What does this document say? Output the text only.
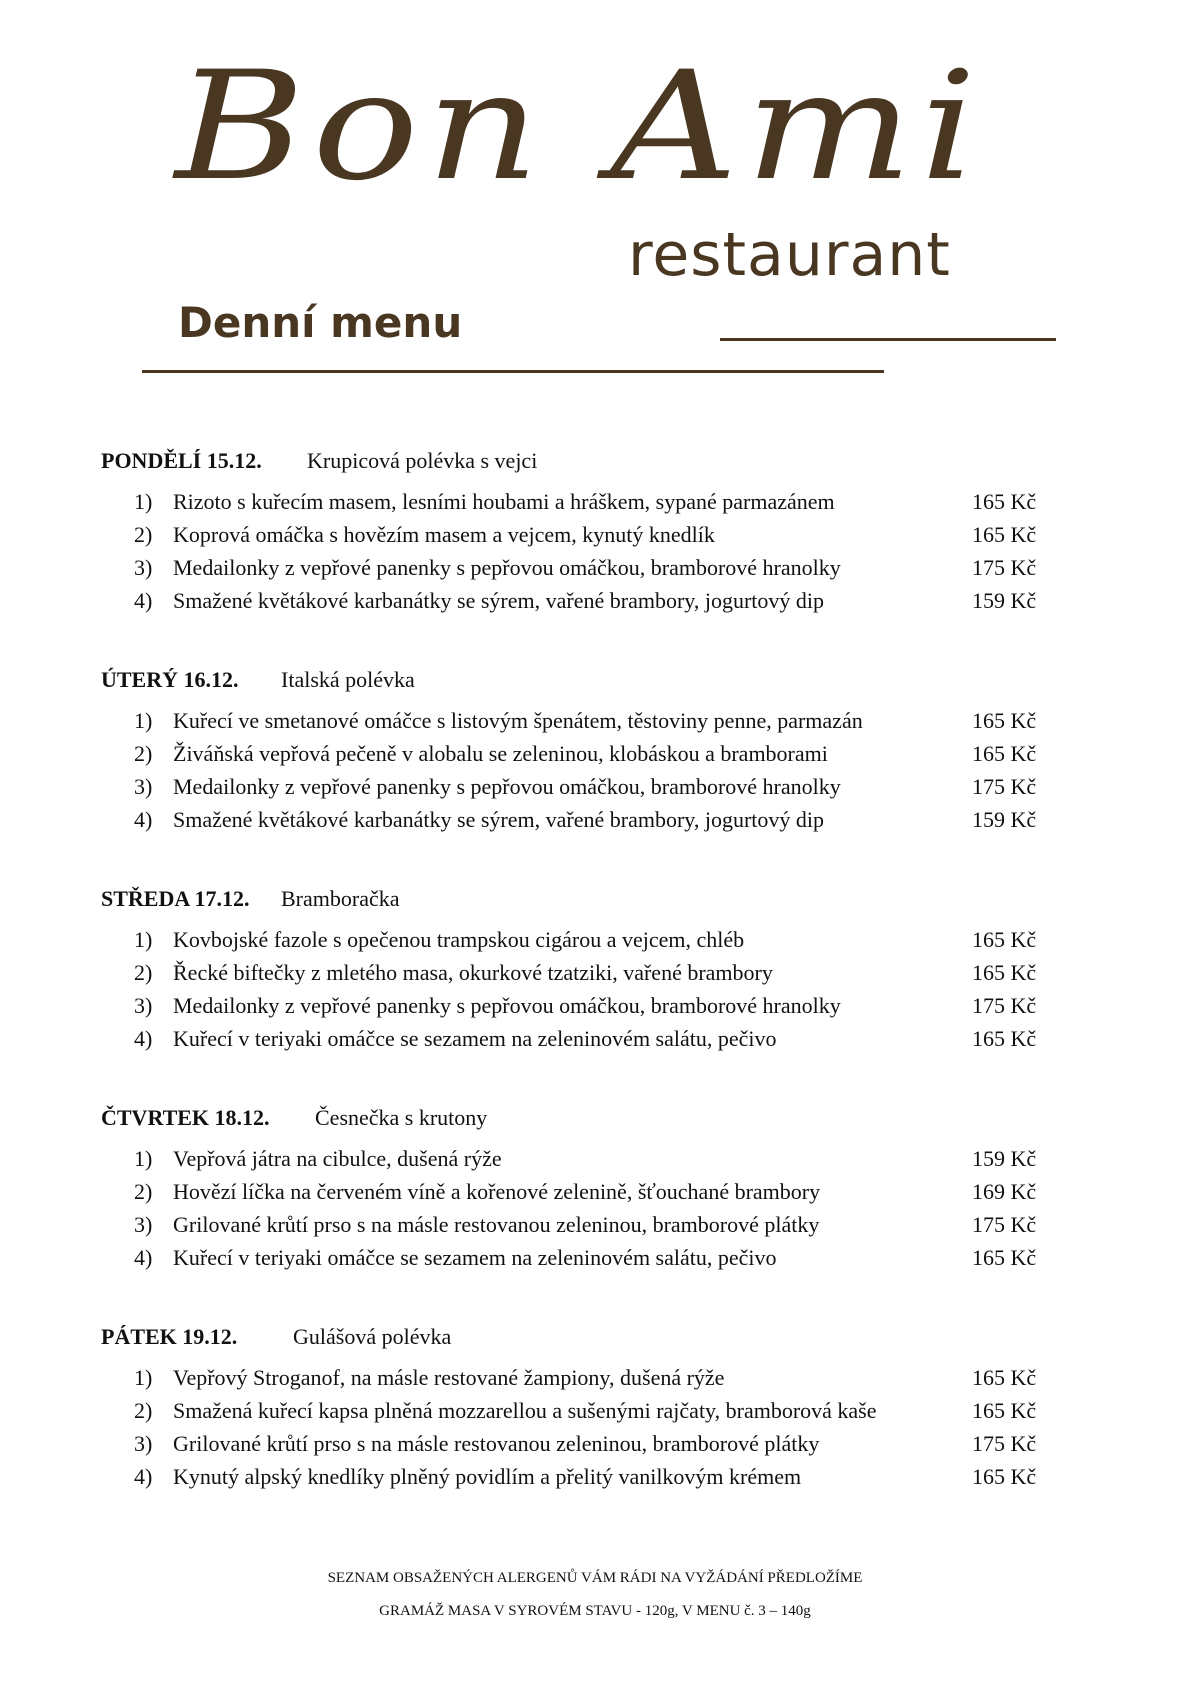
Bon Ami
restaurant
Denní menu
PONDĚLÍ 15.12. Krupicová polévka s vejci
1) Rizoto s kuřecím masem, lesními houbami a hráškem, sypané parmazánem	165 Kč
2) Koprová omáčka s hovězím masem a vejcem, kynutý knedlík	165 Kč
3) Medailonky z vepřové panenky s pepřovou omáčkou, bramborové hranolky	175 Kč
4) Smažené květákové karbanátky se sýrem, vařené brambory, jogurtový dip	159 Kč
ÚTERÝ 16.12. Italská polévka
1) Kuřecí ve smetanové omáčce s listovým špenátem, těstoviny penne, parmazán	165 Kč
2) Živáňská vepřová pečeně v alobalu se zeleninou, klobáskou a bramborami	165 Kč
3) Medailonky z vepřové panenky s pepřovou omáčkou, bramborové hranolky	175 Kč
4) Smažené květákové karbanátky se sýrem, vařené brambory, jogurtový dip	159 Kč
STŘEDA 17.12. Bramboračka
1) Kovbojské fazole s opečenou trampskou cigárou a vejcem, chléb	165 Kč
2) Řecké biftečky z mletého masa, okurkové tzatziki, vařené brambory	165 Kč
3) Medailonky z vepřové panenky s pepřovou omáčkou, bramborové hranolky	175 Kč
4) Kuřecí v teriyaki omáčce se sezamem na zeleninovém salátu, pečivo	165 Kč
ČTVRTEK 18.12. Česnečka s krutony
1) Vepřová játra na cibulce, dušená rýže	159 Kč
2) Hovězí líčka na červeném víně a kořenové zelenině, šťouchané brambory	169 Kč
3) Grilované krůtí prso s na másle restovanou zeleninou, bramborové plátky	175 Kč
4) Kuřecí v teriyaki omáčce se sezamem na zeleninovém salátu, pečivo	165 Kč
PÁTEK 19.12.	Gulášová polévka
1) Vepřový Stroganof, na másle restované žampiony, dušená rýže	165 Kč
2) Smažená kuřecí kapsa plněná mozzarellou a sušenými rajčaty, bramborová kaše	165 Kč
3) Grilované krůtí prso s na másle restovanou zeleninou, bramborové plátky	175 Kč
4) Kynutý alpský knedlíky plněný povidlím a přelitý vanilkovým krémem	165 Kč
SEZNAM OBSAŽENÝCH ALERGENŮ VÁM RÁDI NA VYŽÁDÁNÍ PŘEDLOŽÍME
GRAMÁŽ MASA V SYROVÉM STAVU - 120g, V MENU č. 3 – 140g
